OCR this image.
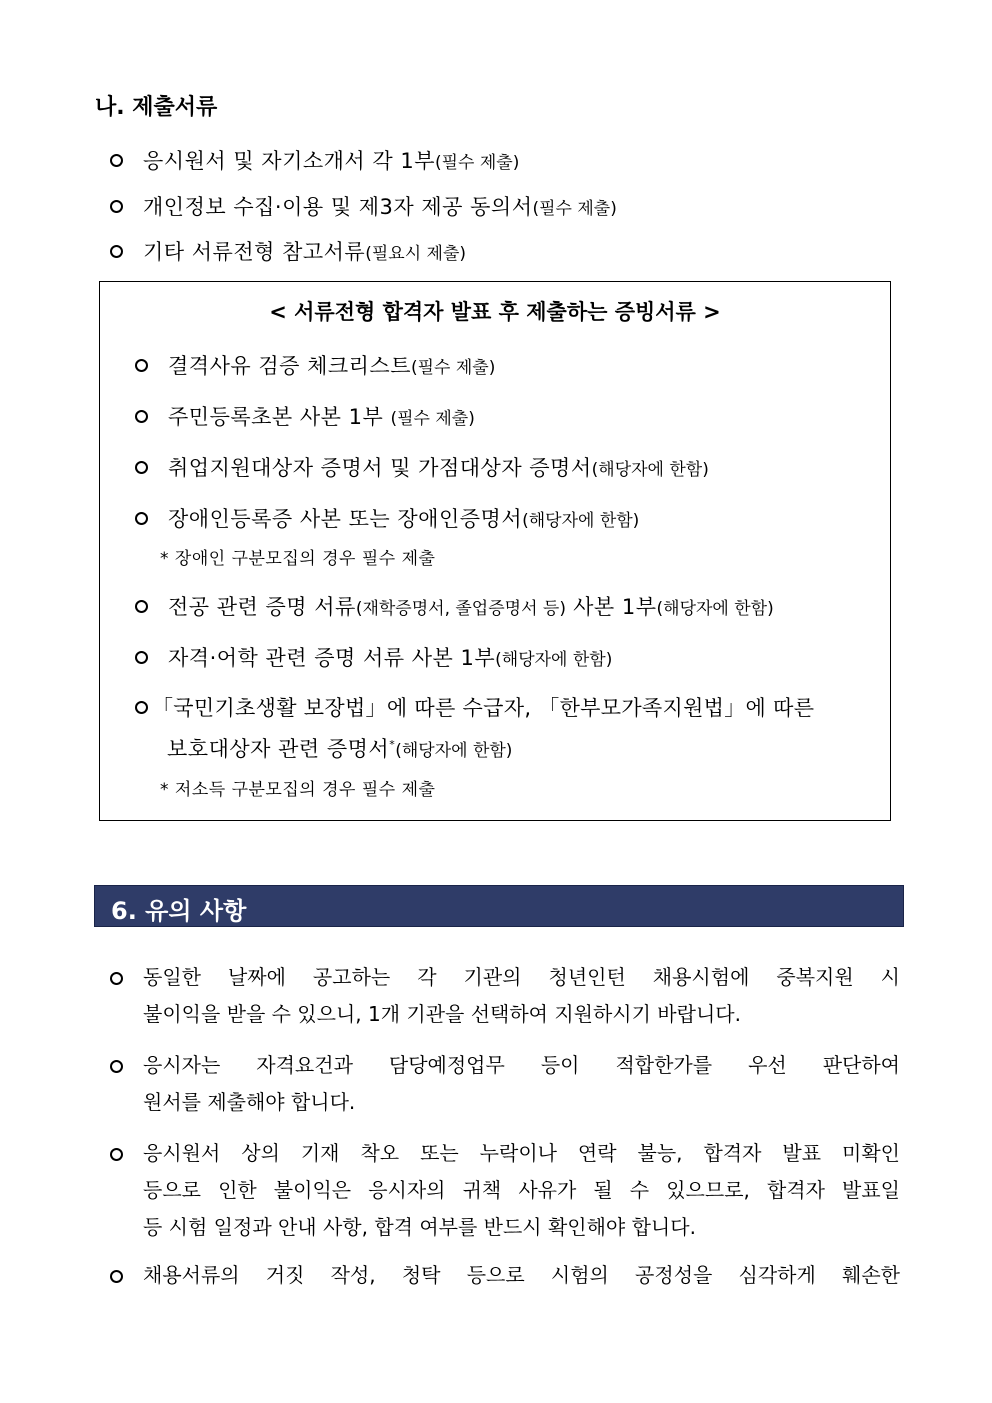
나. 제출서류
응시원서 및 자기소개서 각 1부(필수 제출)
개인정보 수집·이용 및 제3자 제공 동의서(필수 제출)
기타 서류전형 참고서류(필요시 제출)
< 서류전형 합격자 발표 후 제출하는 증빙서류 >
결격사유 검증 체크리스트(필수 제출)
주민등록초본 사본 1부 (필수 제출)
취업지원대상자 증명서 및 가점대상자 증명서(해당자에 한함)
장애인등록증 사본 또는 장애인증명서(해당자에 한함)
* 장애인 구분모집의 경우 필수 제출
전공 관련 증명 서류(재학증명서, 졸업증명서 등) 사본 1부(해당자에 한함)
자격·어학 관련 증명 서류 사본 1부(해당자에 한함)
「국민기초생활 보장법」에 따른 수급자, 「한부모가족지원법」에 따른
보호대상자 관련 증명서*(해당자에 한함)
* 저소득 구분모집의 경우 필수 제출
6. 유의 사항
동일한 날짜에 공고하는 각 기관의 청년인턴 채용시험에 중복지원 시
불이익을 받을 수 있으니, 1개 기관을 선택하여 지원하시기 바랍니다.
응시자는 자격요건과 담당예정업무 등이 적합한가를 우선 판단하여
원서를 제출해야 합니다.
응시원서 상의 기재 착오 또는 누락이나 연락 불능, 합격자 발표 미확인
등으로 인한 불이익은 응시자의 귀책 사유가 될 수 있으므로, 합격자 발표일
등 시험 일정과 안내 사항, 합격 여부를 반드시 확인해야 합니다.
채용서류의 거짓 작성, 청탁 등으로 시험의 공정성을 심각하게 훼손한
